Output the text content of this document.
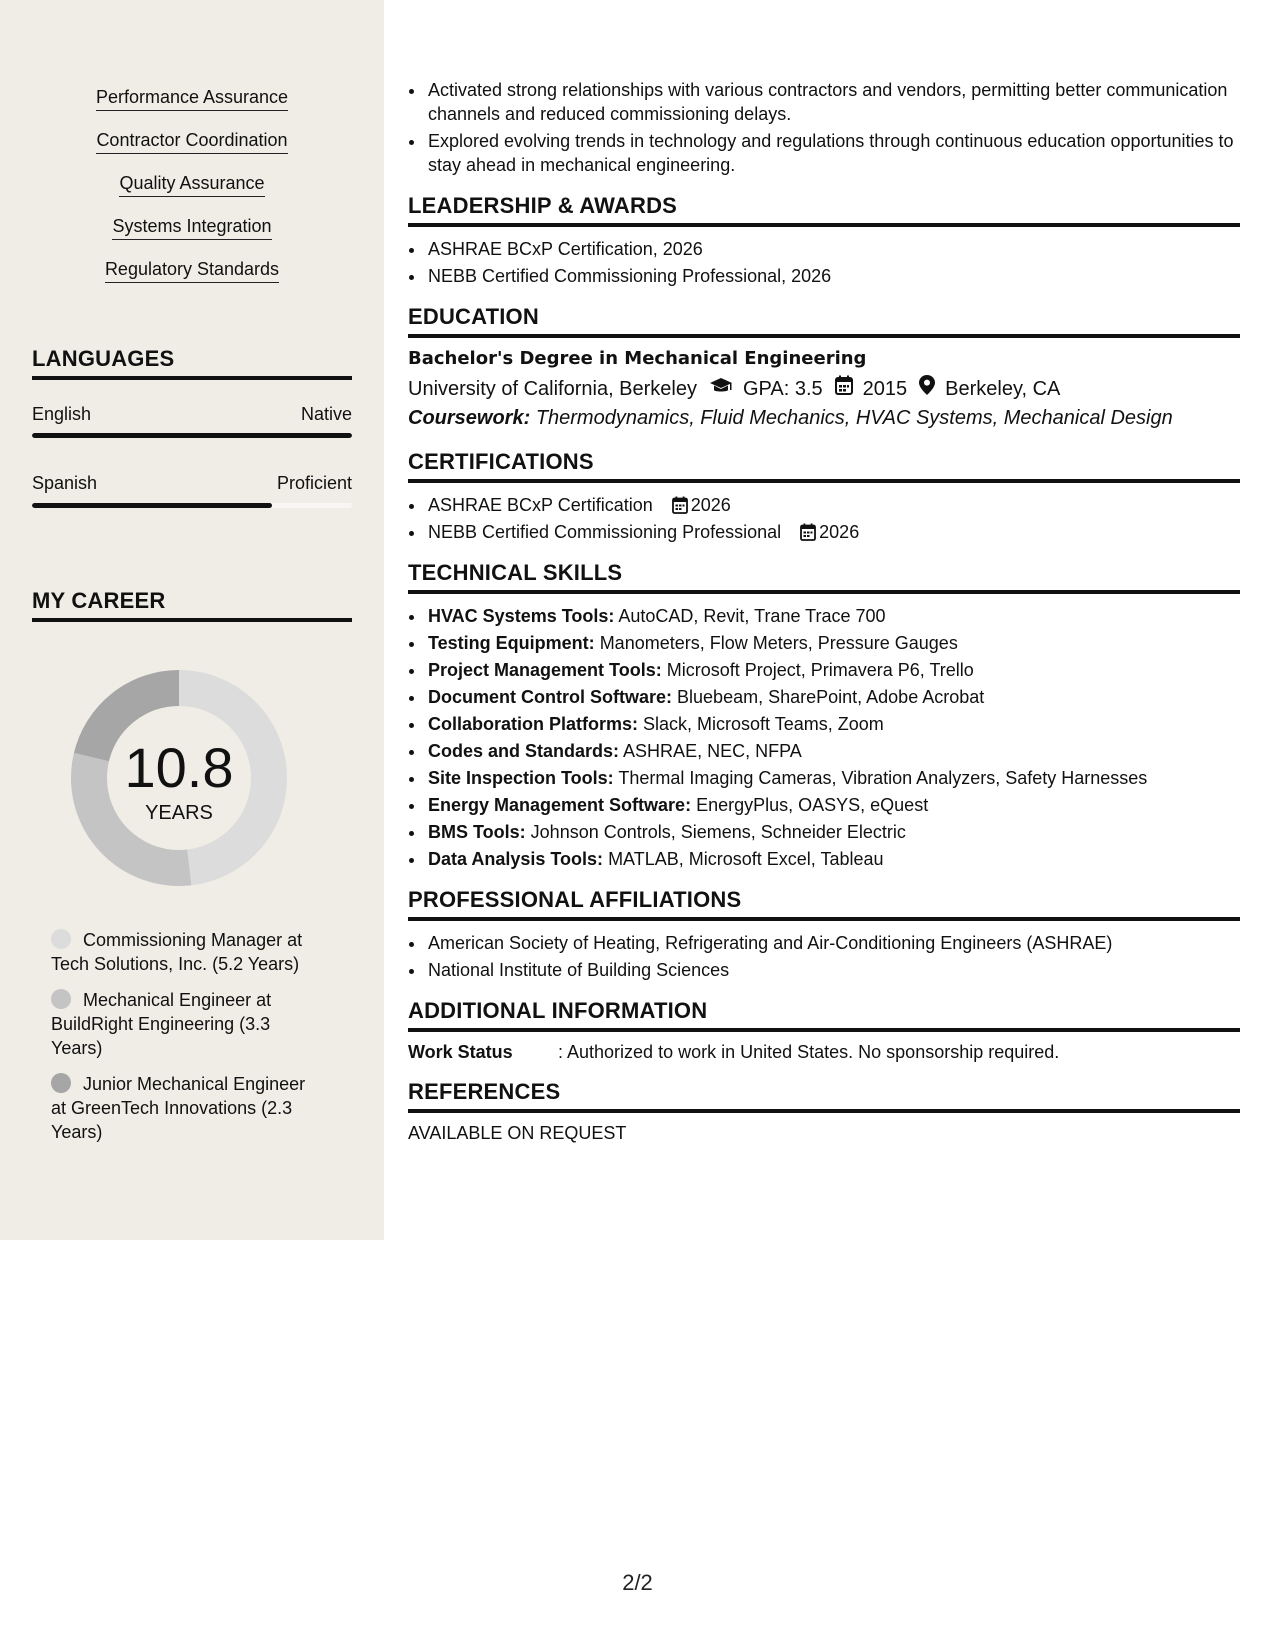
Performance Assurance
Contractor Coordination
Quality Assurance
Systems Integration
Regulatory Standards
LANGUAGES
English	Native
Spanish	Proficient
MY CAREER
10.8
YEARS
Commissioning Manager at Tech Solutions, Inc. (5.2 Years)
Mechanical Engineer at BuildRight Engineering (3.3 Years)
Junior Mechanical Engineer at GreenTech Innovations (2.3 Years)
• Activated strong relationships with various contractors and vendors, permitting better communication channels and reduced commissioning delays.
• Explored evolving trends in technology and regulations through continuous education opportunities to stay ahead in mechanical engineering.
LEADERSHIP & AWARDS
• ASHRAE BCxP Certification, 2026
• NEBB Certified Commissioning Professional, 2026
EDUCATION
Bachelor's Degree in Mechanical Engineering
University of California, Berkeley GPA: 3.5 2015 Berkeley, CA
Coursework: Thermodynamics, Fluid Mechanics, HVAC Systems, Mechanical Design
CERTIFICATIONS
• ASHRAE BCxP Certification 2026
• NEBB Certified Commissioning Professional 2026
TECHNICAL SKILLS
• HVAC Systems Tools: AutoCAD, Revit, Trane Trace 700
• Testing Equipment: Manometers, Flow Meters, Pressure Gauges
• Project Management Tools: Microsoft Project, Primavera P6, Trello
• Document Control Software: Bluebeam, SharePoint, Adobe Acrobat
• Collaboration Platforms: Slack, Microsoft Teams, Zoom
• Codes and Standards: ASHRAE, NEC, NFPA
• Site Inspection Tools: Thermal Imaging Cameras, Vibration Analyzers, Safety Harnesses
• Energy Management Software: EnergyPlus, OASYS, eQuest
• BMS Tools: Johnson Controls, Siemens, Schneider Electric
• Data Analysis Tools: MATLAB, Microsoft Excel, Tableau
PROFESSIONAL AFFILIATIONS
• American Society of Heating, Refrigerating and Air-Conditioning Engineers (ASHRAE)
• National Institute of Building Sciences
ADDITIONAL INFORMATION
Work Status	: Authorized to work in United States. No sponsorship required.
REFERENCES
AVAILABLE ON REQUEST
2/2
